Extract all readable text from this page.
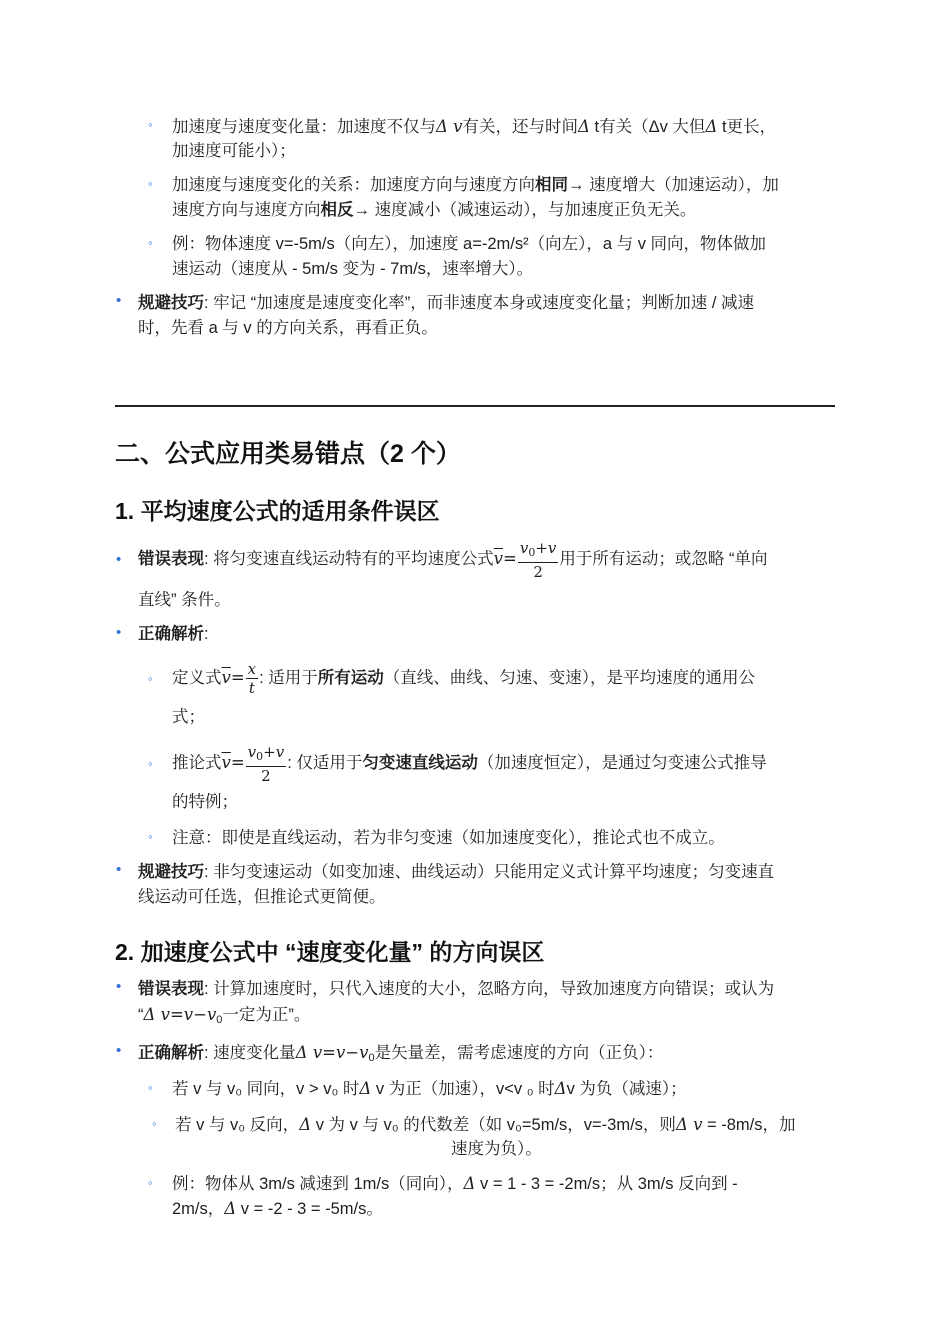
◦ 加速度与速度变化量：加速度不仅与Δ v有关，还与时间Δ t有关（Δv 大但Δ t更长，
加速度可能小）；
◦ 加速度与速度变化的关系：加速度方向与速度方向相同→ 速度增大（加速运动），加
速度方向与速度方向相反→ 速度减小（减速运动），与加速度正负无关。
◦ 例：物体速度 v=-5m/s（向左），加速度 a=-2m/s²（向左），a 与 v 同向，物体做加
速运动（速度从 - 5m/s 变为 - 7m/s，速率增大）。
• 规避技巧: 牢记 “加速度是速度变化率”，而非速度本身或速度变化量；判断加速 / 减速
时，先看 a 与 v 的方向关系，再看正负。
二、公式应用类易错点（2 个）
1. 平均速度公式的适用条件误区
• 错误表现: 将匀变速直线运动特有的平均速度公式$\overline{v}= \frac{v_0+v}{2}$ 用于所有运动；或忽略 “单向
直线” 条件。
• 正确解析:
◦ 定义式$\overline{v}= \frac{x}{t}$ : 适用于所有运动（直线、曲线、匀速、变速），是平均速度的通用公
式；
◦ 推论式$\overline{v}= \frac{v_0+v}{2}$ : 仅适用于匀变速直线运动（加速度恒定），是通过匀变速公式推导
的特例；
◦ 注意：即使是直线运动，若为非匀变速（如加速度变化），推论式也不成立。
• 规避技巧: 非匀变速运动（如变加速、曲线运动）只能用定义式计算平均速度；匀变速直
线运动可任选，但推论式更简便。
2. 加速度公式中 “速度变化量” 的方向误区
• 错误表现: 计算加速度时，只代入速度的大小，忽略方向，导致加速度方向错误；或认为
“Δ $v=v-v_0$一定为正”。
• 正确解析: 速度变化量Δ $v=v-v_0$是矢量差，需考虑速度的方向（正负）：
◦ 若 v 与 v₀ 同向，v > v₀ 时Δ v 为正（加速），v<v ₀ 时Δv 为负（减速）；
◦ 若 v 与 v₀ 反向，Δ v 为 v 与 v₀ 的代数差（如 v₀=5m/s，v=-3m/s，则Δ v = -8m/s，加
速度为负）。
◦ 例：物体从 3m/s 减速到 1m/s（同向），Δ v = 1 - 3 = -2m/s；从 3m/s 反向到 -
2m/s，Δ v = -2 - 3 = -5m/s。
